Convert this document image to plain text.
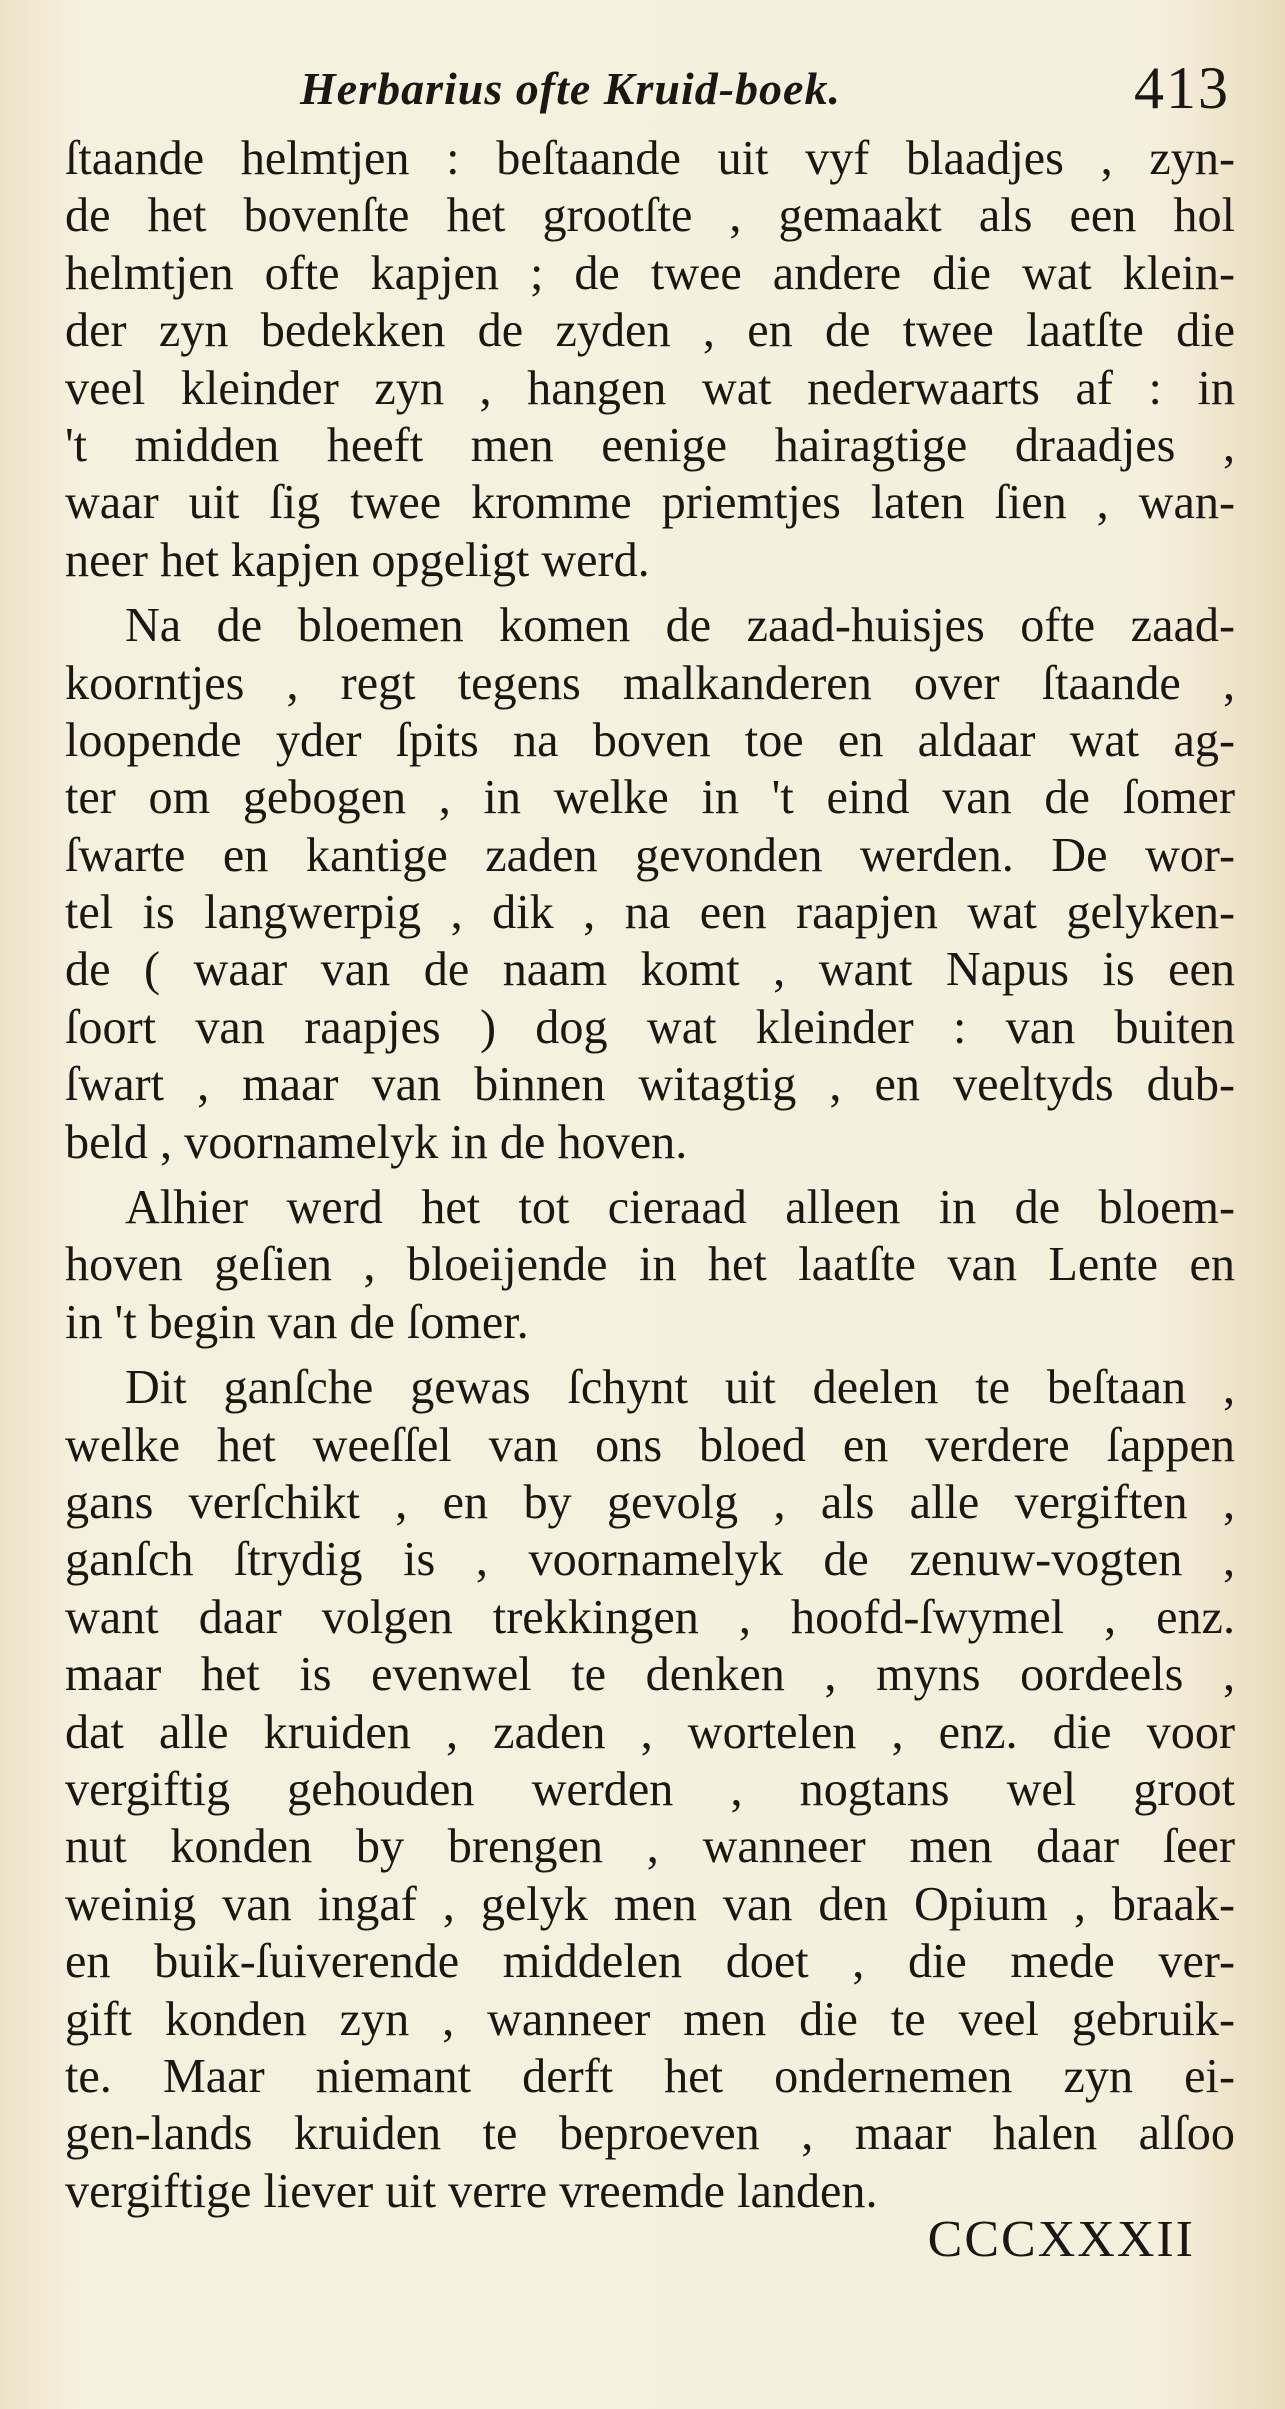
Herbarius ofte Kruid-boek.	413
ſtaande helmtjen : beſtaande uit vyf blaadjes , zyn-
de het bovenſte het grootſte , gemaakt als een hol
helmtjen ofte kapjen ; de twee andere die wat klein-
der zyn bedekken de zyden , en de twee laatſte die
veel kleinder zyn , hangen wat nederwaarts af : in
't midden heeft men eenige hairagtige draadjes ,
waar uit ſig twee kromme priemtjes laten ſien , wan-
neer het kapjen opgeligt werd.
Na de bloemen komen de zaad-huisjes ofte zaad-
koorntjes , regt tegens malkanderen over ſtaande ,
loopende yder ſpits na boven toe en aldaar wat ag-
ter om gebogen , in welke in 't eind van de ſomer
ſwarte en kantige zaden gevonden werden. De wor-
tel is langwerpig , dik , na een raapjen wat gelyken-
de ( waar van de naam komt , want Napus is een
ſoort van raapjes ) dog wat kleinder : van buiten
ſwart , maar van binnen witagtig , en veeltyds dub-
beld , voornamelyk in de hoven.
Alhier werd het tot cieraad alleen in de bloem-
hoven geſien , bloeijende in het laatſte van Lente en
in 't begin van de ſomer.
Dit ganſche gewas ſchynt uit deelen te beſtaan ,
welke het weeſſel van ons bloed en verdere ſappen
gans verſchikt , en by gevolg , als alle vergiften ,
ganſch ſtrydig is , voornamelyk de zenuw-vogten ,
want daar volgen trekkingen , hoofd-ſwymel , enz.
maar het is evenwel te denken , myns oordeels ,
dat alle kruiden , zaden , wortelen , enz. die voor
vergiftig gehouden werden , nogtans wel groot
nut konden by brengen , wanneer men daar ſeer
weinig van ingaf , gelyk men van den Opium , braak-
en buik-ſuiverende middelen doet , die mede ver-
gift konden zyn , wanneer men die te veel gebruik-
te. Maar niemant derft het ondernemen zyn ei-
gen-lands kruiden te beproeven , maar halen alſoo
vergiftige liever uit verre vreemde landen.
CCCXXXII
